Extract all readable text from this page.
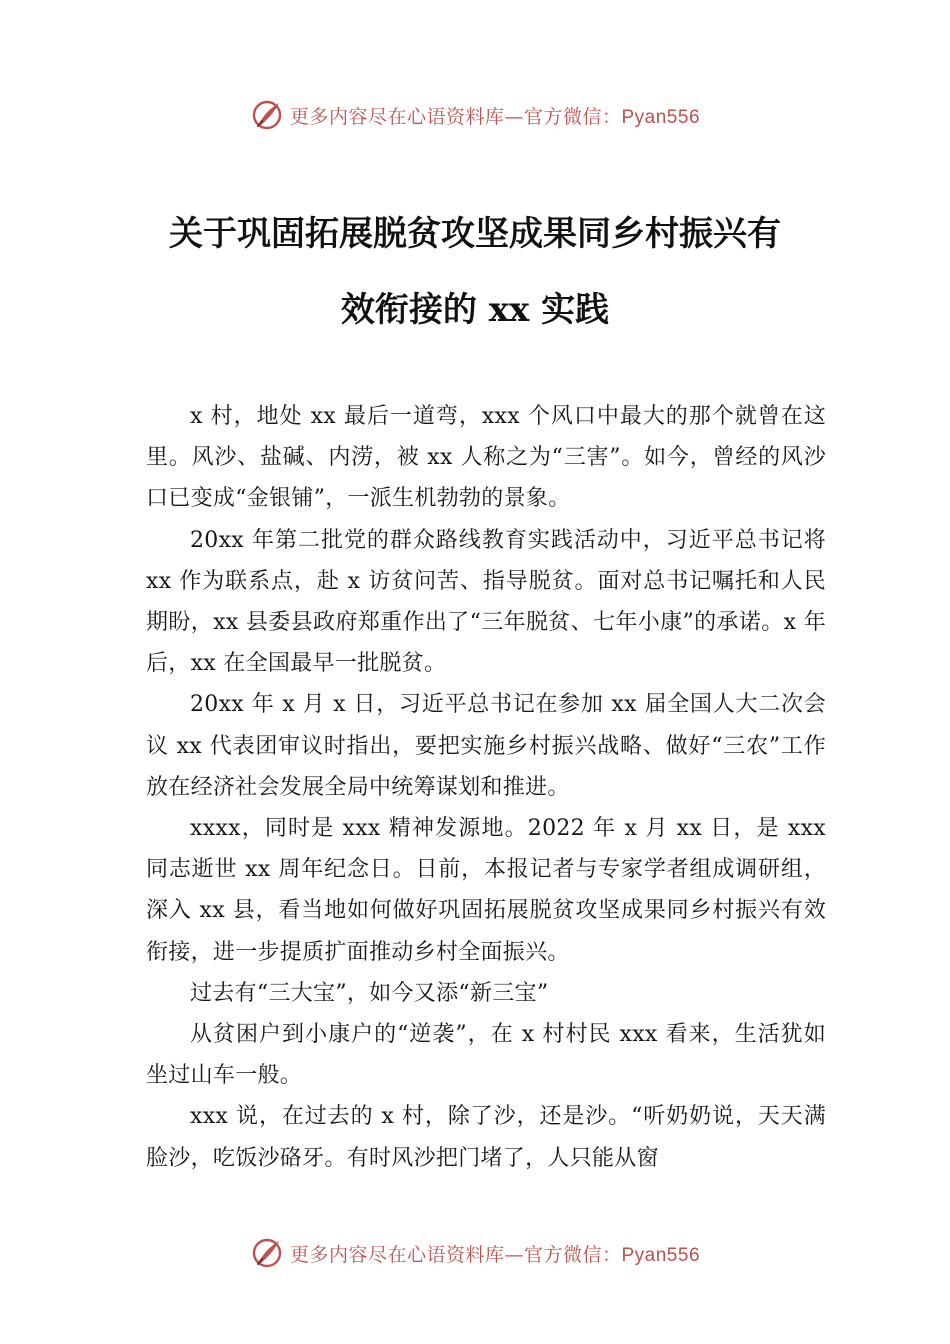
更多内容尽在心语资料库—官方微信：Pyan556
关于巩固拓展脱贫攻坚成果同乡村振兴有
效衔接的 xx 实践

x 村，地处 xx 最后一道弯，xxx 个风口中最大的那个就曾在这里。风沙、盐碱、内涝，被 xx 人称之为“三害”。如今，曾经的风沙口已变成“金银铺”，一派生机勃勃的景象。

20xx 年第二批党的群众路线教育实践活动中，习近平总书记将 xx 作为联系点，赴 x 访贫问苦、指导脱贫。面对总书记嘱托和人民期盼，xx 县委县政府郑重作出了“三年脱贫、七年小康”的承诺。x 年后，xx 在全国最早一批脱贫。

20xx 年 x 月 x 日，习近平总书记在参加 xx 届全国人大二次会议 xx 代表团审议时指出，要把实施乡村振兴战略、做好“三农”工作放在经济社会发展全局中统筹谋划和推进。

xxxx，同时是 xxx 精神发源地。2022 年 x 月 xx 日，是 xxx 同志逝世 xx 周年纪念日。日前，本报记者与专家学者组成调研组，深入 xx 县，看当地如何做好巩固拓展脱贫攻坚成果同乡村振兴有效衔接，进一步提质扩面推动乡村全面振兴。

过去有“三大宝”，如今又添“新三宝”

从贫困户到小康户的“逆袭”，在 x 村村民 xxx 看来，生活犹如坐过山车一般。

xxx 说，在过去的 x 村，除了沙，还是沙。“听奶奶说，天天满脸沙，吃饭沙硌牙。有时风沙把门堵了，人只能从窗

更多内容尽在心语资料库—官方微信：Pyan556
